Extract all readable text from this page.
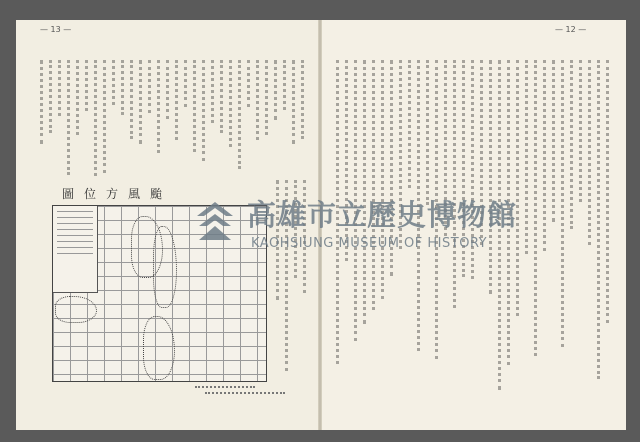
— 13 —	— 12 —
颱風方位圖
高雄市立歷史博物館
KAOHSIUNG MUSEUM OF HISTORY
